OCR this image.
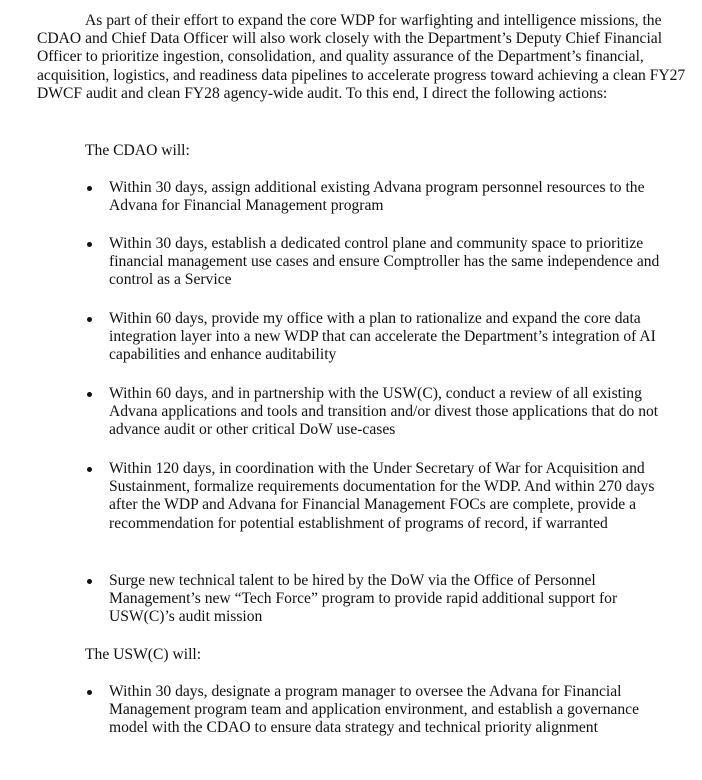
As part of their effort to expand the core WDP for warfighting and intelligence missions, the CDAO and Chief Data Officer will also work closely with the Department’s Deputy Chief Financial Officer to prioritize ingestion, consolidation, and quality assurance of the Department’s financial, acquisition, logistics, and readiness data pipelines to accelerate progress toward achieving a clean FY27 DWCF audit and clean FY28 agency-wide audit. To this end, I direct the following actions:

The CDAO will:

Within 30 days, assign additional existing Advana program personnel resources to the Advana for Financial Management program
Within 30 days, establish a dedicated control plane and community space to prioritize financial management use cases and ensure Comptroller has the same independence and control as a Service
Within 60 days, provide my office with a plan to rationalize and expand the core data integration layer into a new WDP that can accelerate the Department’s integration of AI capabilities and enhance auditability
Within 60 days, and in partnership with the USW(C), conduct a review of all existing Advana applications and tools and transition and/or divest those applications that do not advance audit or other critical DoW use-cases
Within 120 days, in coordination with the Under Secretary of War for Acquisition and Sustainment, formalize requirements documentation for the WDP. And within 270 days after the WDP and Advana for Financial Management FOCs are complete, provide a recommendation for potential establishment of programs of record, if warranted
Surge new technical talent to be hired by the DoW via the Office of Personnel Management’s new “Tech Force” program to provide rapid additional support for USW(C)’s audit mission

The USW(C) will:

Within 30 days, designate a program manager to oversee the Advana for Financial Management program team and application environment, and establish a governance model with the CDAO to ensure data strategy and technical priority alignment
